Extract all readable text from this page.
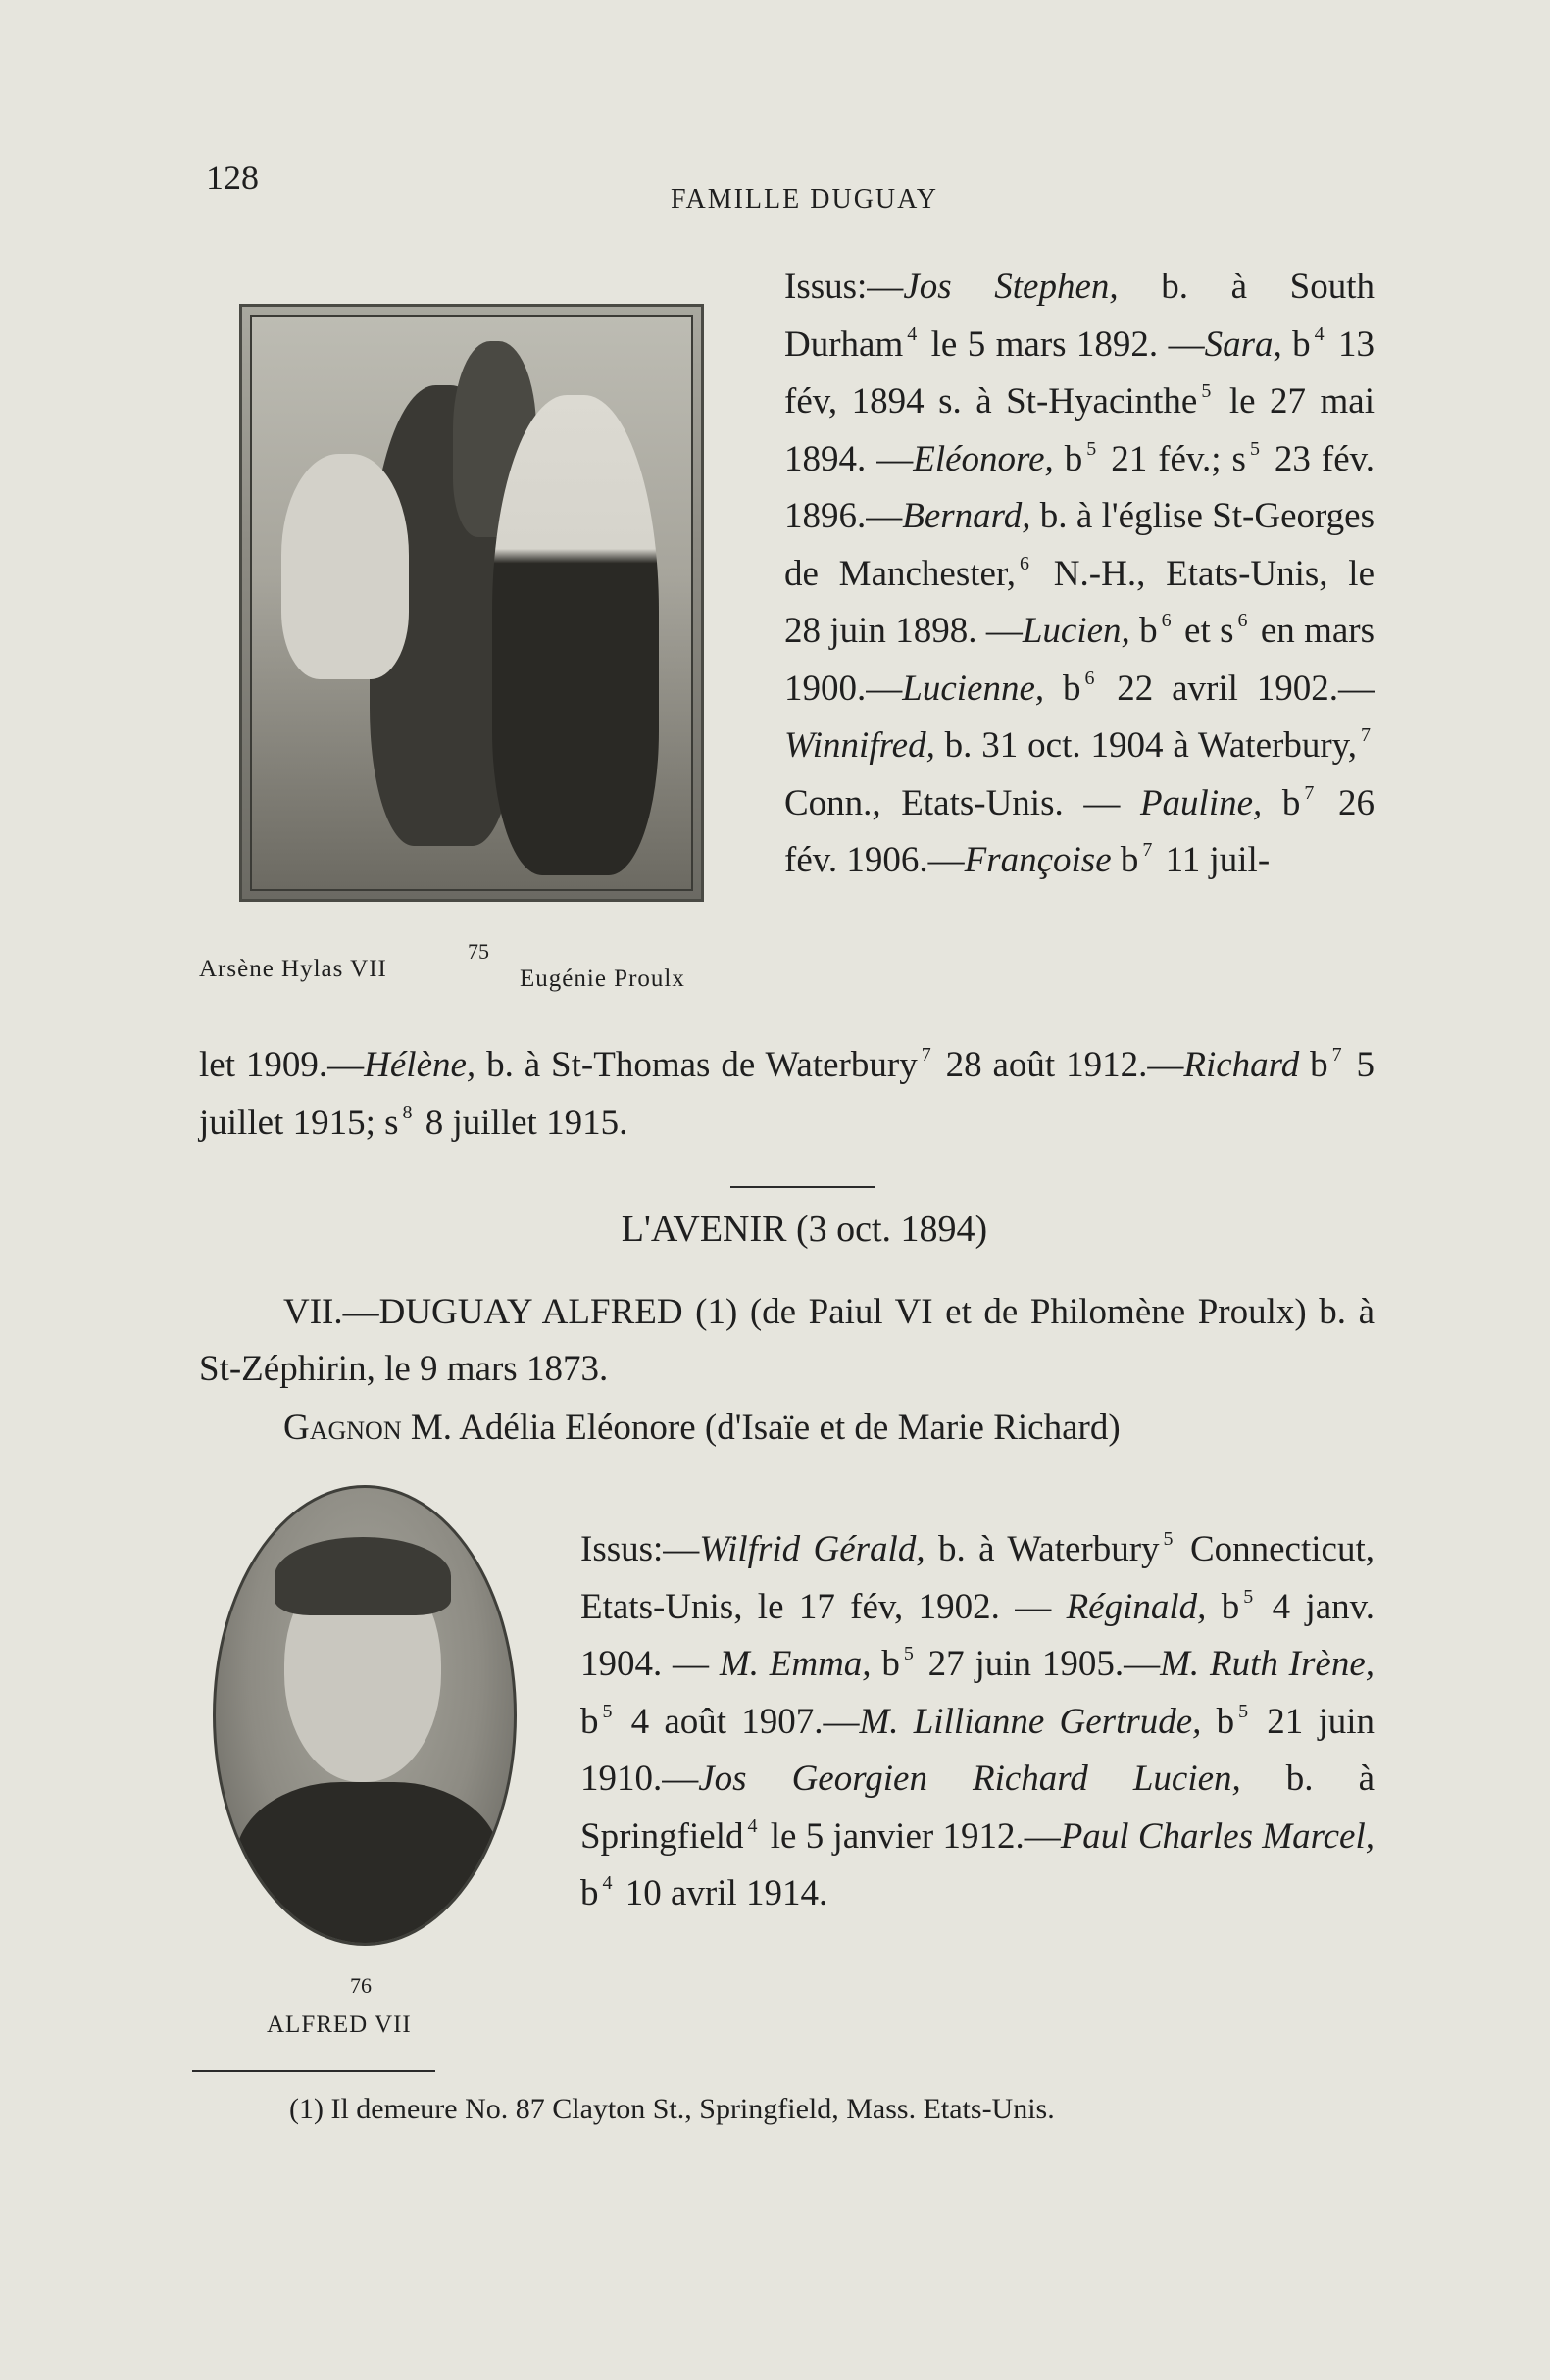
128
FAMILLE DUGUAY
Arsène Hylas VII
75
Eugénie Proulx
Issus:—Jos Stephen, b. à South Durham $^4$ le 5 mars 1892. —Sara, b $^4$ 13 fév, 1894 s. à St-Hyacinthe $^5$ le 27 mai 1894. —Eléonore, b $^5$ 21 fév.; s $^5$ 23 fév. 1896.—Bernard, b. à l'église St-Georges de Manchester, $^6$ N.-H., Etats-Unis, le 28 juin 1898. —Lucien, b $^6$ et s $^6$ en mars 1900.—Lucienne, b $^6$ 22 avril 1902.—Winnifred, b. 31 oct. 1904 à Waterbury, $^7$ Conn., Etats-Unis. — Pauline, b $^7$ 26 fév. 1906.—Françoise b $^7$ 11 juil-
let 1909.—Hélène, b. à St-Thomas de Waterbury $^7$ 28 août 1912.—Richard b $^7$ 5 juillet 1915; s $^8$ 8 juillet 1915.
L'AVENIR (3 oct. 1894)
VII.—DUGUAY ALFRED (1) (de Paiul VI et de Philomène Proulx) b. à St-Zéphirin, le 9 mars 1873.
Gagnon M. Adélia Eléonore (d'Isaïe et de Marie Richard)
76
ALFRED VII
Issus:—Wilfrid Gérald, b. à Waterbury $^5$ Connecticut, Etats-Unis, le 17 fév, 1902. — Réginald, b $^5$ 4 janv. 1904. — M. Emma, b $^5$ 27 juin 1905.—M. Ruth Irène, b $^5$ 4 août 1907.—M. Lillianne Gertrude, b $^5$ 21 juin 1910.—Jos Georgien Richard Lucien, b. à Springfield $^4$ le 5 janvier 1912.—Paul Charles Marcel, b $^4$ 10 avril 1914.
(1) Il demeure No. 87 Clayton St., Springfield, Mass. Etats-Unis.
